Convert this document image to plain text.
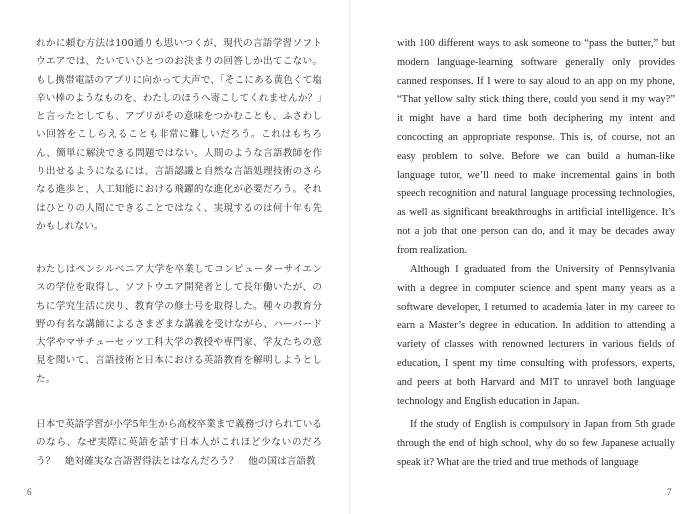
れかに頼む方法は100通りも思いつくが、現代の言語学習ソフトウエアでは、たいていひとつのお決まりの回答しか出てこない。もし携帯電話のアプリに向かって大声で、「そこにある黄色くて塩辛い棒のようなものを、わたしのほうへ寄こしてくれませんか？」と言ったとしても、アプリがその意味をつかむことも、ふさわしい回答をこしらえることも非常に難しいだろう。これはもちろん、簡単に解決できる問題ではない。人間のような言語教師を作り出せるようになるには、言語認識と自然な言語処理技術のさらなる進歩と、人工知能における飛躍的な進化が必要だろう。それはひとりの人間にできることではなく、実現するのは何十年も先かもしれない。

わたしはペンシルベニア大学を卒業してコンピューターサイエンスの学位を取得し、ソフトウエア開発者として長年働いたが、のちに学究生活に戻り、教育学の修士号を取得した。種々の教育分野の有名な講師によるさまざまな講義を受けながら、ハーバード大学やマサチューセッツ工科大学の教授や専門家、学友たちの意見を聞いて、言語技術と日本における英語教育を解明しようとした。

日本で英語学習が小学5年生から高校卒業まで義務づけられているのなら、なぜ実際に英語を話す日本人がこれほど少ないのだろう？　絶対確実な言語習得法とはなんだろう？　他の国は言語教

6

with 100 different ways to ask someone to “pass the butter,” but modern language-learning software generally only provides canned responses. If I were to say aloud to an app on my phone, “That yellow salty stick thing there, could you send it my way?” it might have a hard time both deciphering my intent and concocting an appropriate response. This is, of course, not an easy problem to solve. Before we can build a human-like language tutor, we’ll need to make incremental gains in both speech recognition and natural language processing technologies, as well as significant breakthroughs in artificial intelligence. It’s not a job that one person can do, and it may be decades away from realization.

Although I graduated from the University of Pennsylvania with a degree in computer science and spent many years as a software developer, I returned to academia later in my career to earn a Master’s degree in education. In addition to attending a variety of classes with renowned lecturers in various fields of education, I spent my time consulting with professors, experts, and peers at both Harvard and MIT to unravel both language technology and English education in Japan.

If the study of English is compulsory in Japan from 5th grade through the end of high school, why do so few Japanese actually speak it? What are the tried and true methods of language

7
